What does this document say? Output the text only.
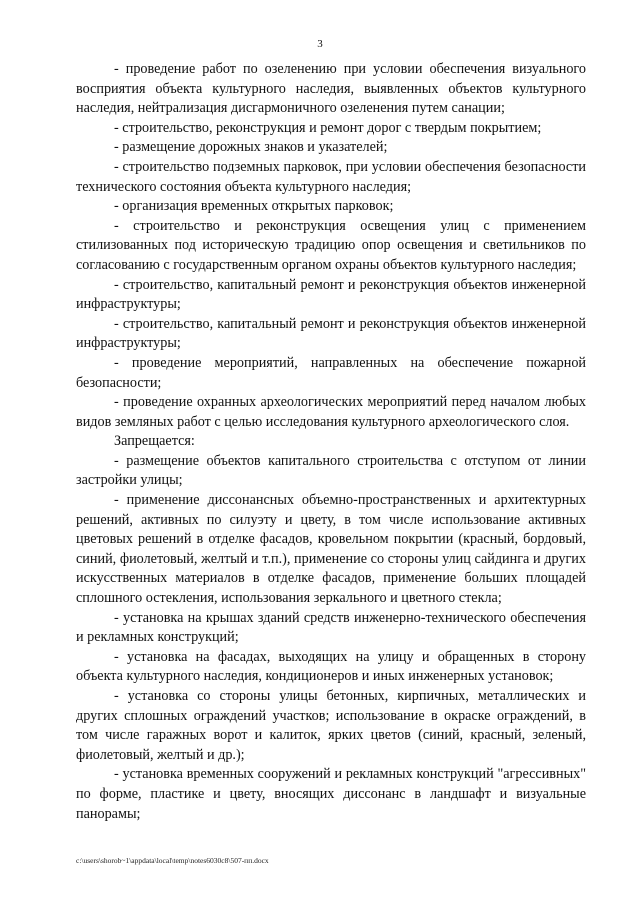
3

- проведение работ по озеленению при условии обеспечения визуального восприятия объекта культурного наследия, выявленных объектов культурного наследия, нейтрализация дисгармоничного озеленения путем санации;

- строительство, реконструкция и ремонт дорог с твердым покрытием;

- размещение дорожных знаков и указателей;

- строительство подземных парковок, при условии обеспечения безопасности технического состояния объекта культурного наследия;

- организация временных открытых парковок;

- строительство и реконструкция освещения улиц с применением стилизованных под историческую традицию опор освещения и светильников по согласованию с государственным органом охраны объектов культурного наследия;

- строительство, капитальный ремонт и реконструкция объектов инженерной инфраструктуры;

- строительство, капитальный ремонт и реконструкция объектов инженерной инфраструктуры;

- проведение мероприятий, направленных на обеспечение пожарной безопасности;

- проведение охранных археологических мероприятий перед началом любых видов земляных работ с целью исследования культурного археологического слоя.

Запрещается:

- размещение объектов капитального строительства с отступом от линии застройки улицы;

- применение диссонансных объемно-пространственных и архитектурных решений, активных по силуэту и цвету, в том числе использование активных цветовых решений в отделке фасадов, кровельном покрытии (красный, бордовый, синий, фиолетовый, желтый и т.п.), применение со стороны улиц сайдинга и других искусственных материалов в отделке фасадов, применение больших площадей сплошного остекления, использования зеркального и цветного стекла;

- установка на крышах зданий средств инженерно-технического обеспечения и рекламных конструкций;

- установка на фасадах, выходящих на улицу и обращенных в сторону объекта культурного наследия, кондиционеров и иных инженерных установок;

- установка со стороны улицы бетонных, кирпичных, металлических и других сплошных ограждений участков; использование в окраске ограждений, в том числе гаражных ворот и калиток, ярких цветов (синий, красный, зеленый, фиолетовый, желтый и др.);

- установка временных сооружений и рекламных конструкций "агрессивных" по форме, пластике и цвету, вносящих диссонанс в ландшафт и визуальные панорамы;

c:\users\shorob~1\appdata\local\temp\notes6030c8\507-пп.docx
